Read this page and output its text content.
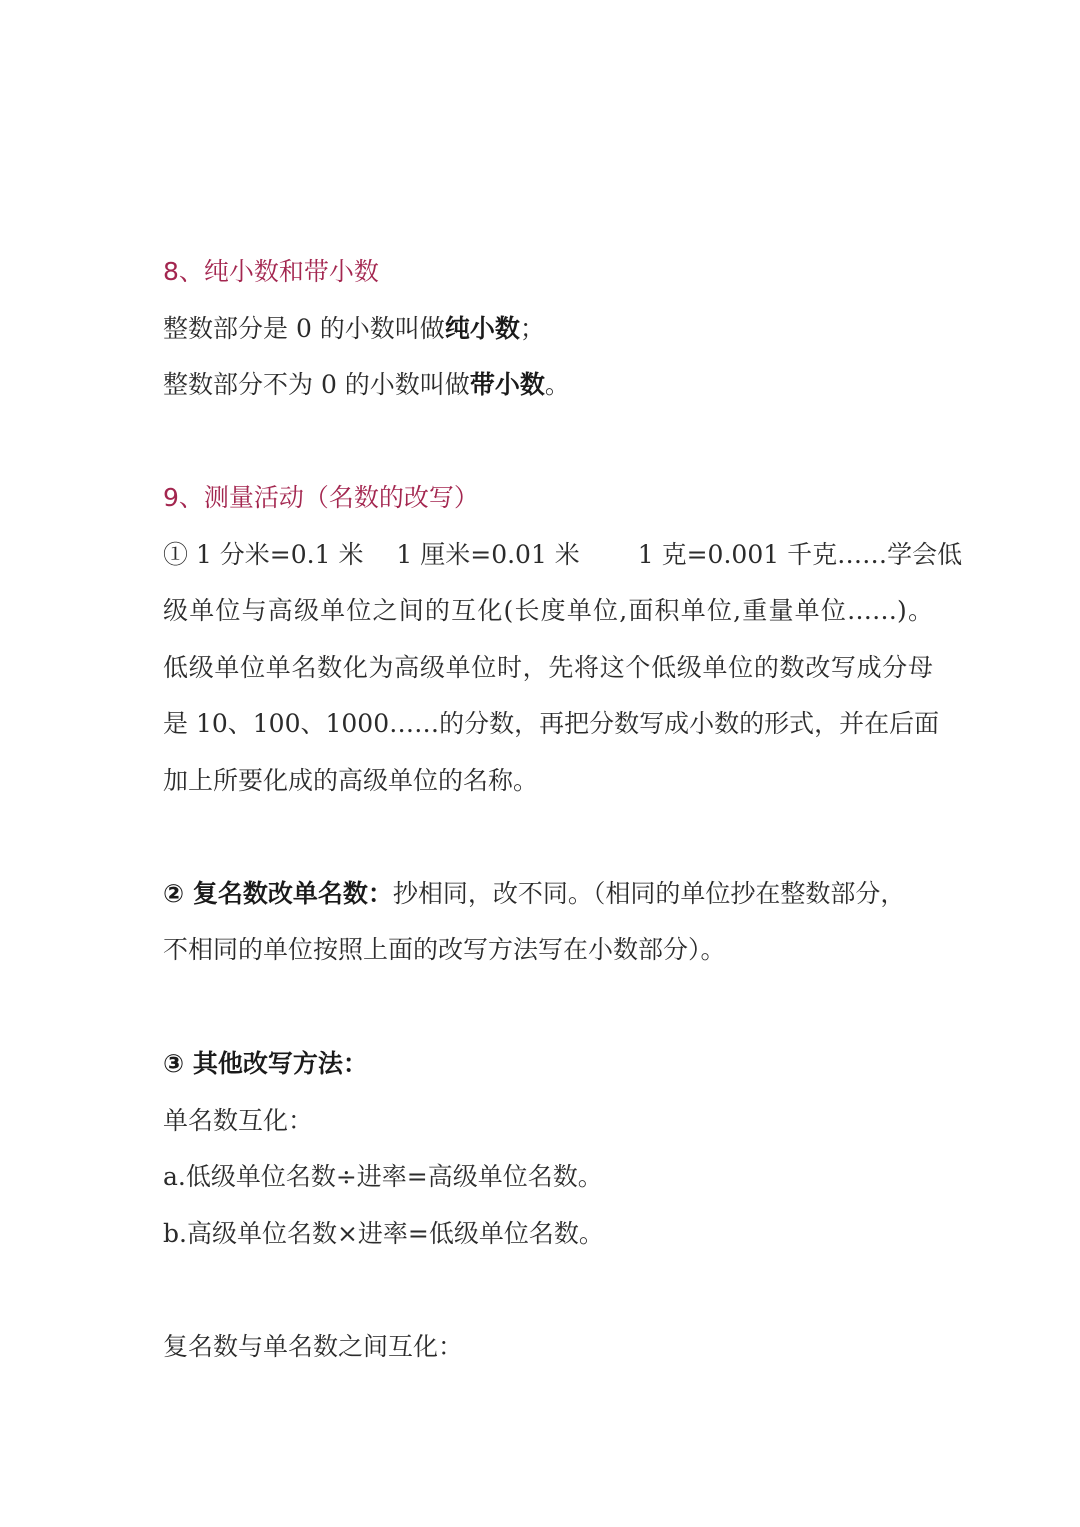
8、纯小数和带小数
整数部分是 0 的小数叫做纯小数；
整数部分不为 0 的小数叫做带小数。
9、测量活动（名数的改写）
① 1 分米=0.1 米　 1 厘米=0.01 米　　 1 克=0.001 千克……学会低
级单位与高级单位之间的互化(长度单位,面积单位,重量单位……)。
低级单位单名数化为高级单位时，先将这个低级单位的数改写成分母
是 10、100、1000……的分数，再把分数写成小数的形式，并在后面
加上所要化成的高级单位的名称。
② 复名数改单名数：抄相同，改不同。（相同的单位抄在整数部分，
不相同的单位按照上面的改写方法写在小数部分）。
③ 其他改写方法：
单名数互化：
a.低级单位名数÷进率=高级单位名数。
b.高级单位名数×进率=低级单位名数。
复名数与单名数之间互化：
